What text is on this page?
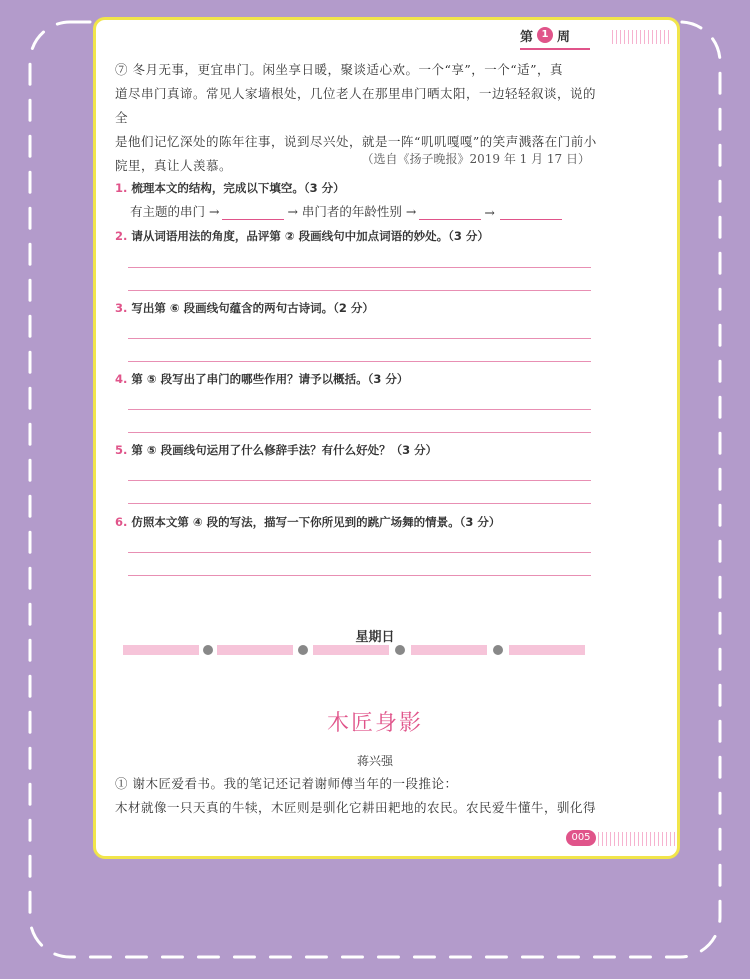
第 1 周
⑦ 冬月无事，更宜串门。闲坐享日暖，聚谈适心欢。一个“享”，一个“适”，真
道尽串门真谛。常见人家墙根处，几位老人在那里串门晒太阳，一边轻轻叙谈，说的全
是他们记忆深处的陈年往事，说到尽兴处，就是一阵“叽叽嘎嘎”的笑声溅落在门前小
院里，真让人羡慕。	（选自《扬子晚报》2019 年 1 月 17 日）
1. 梳理本文的结构，完成以下填空。（3 分）
有主题的串门 →	→ 串门者的年龄性别 →	→
2. 请从词语用法的角度，品评第 ② 段画线句中加点词语的妙处。（3 分）
3. 写出第 ⑥ 段画线句蕴含的两句古诗词。（2 分）
4. 第 ⑤ 段写出了串门的哪些作用？请予以概括。（3 分）
5. 第 ⑤ 段画线句运用了什么修辞手法？有什么好处？（3 分）
6. 仿照本文第 ④ 段的写法，描写一下你所见到的跳广场舞的情景。（3 分）
星期日
木匠身影
蒋兴强
① 谢木匠爱看书。我的笔记还记着谢师傅当年的一段推论：
木材就像一只天真的牛犊，木匠则是驯化它耕田耙地的农民。农民爱牛懂牛，驯化得
005
